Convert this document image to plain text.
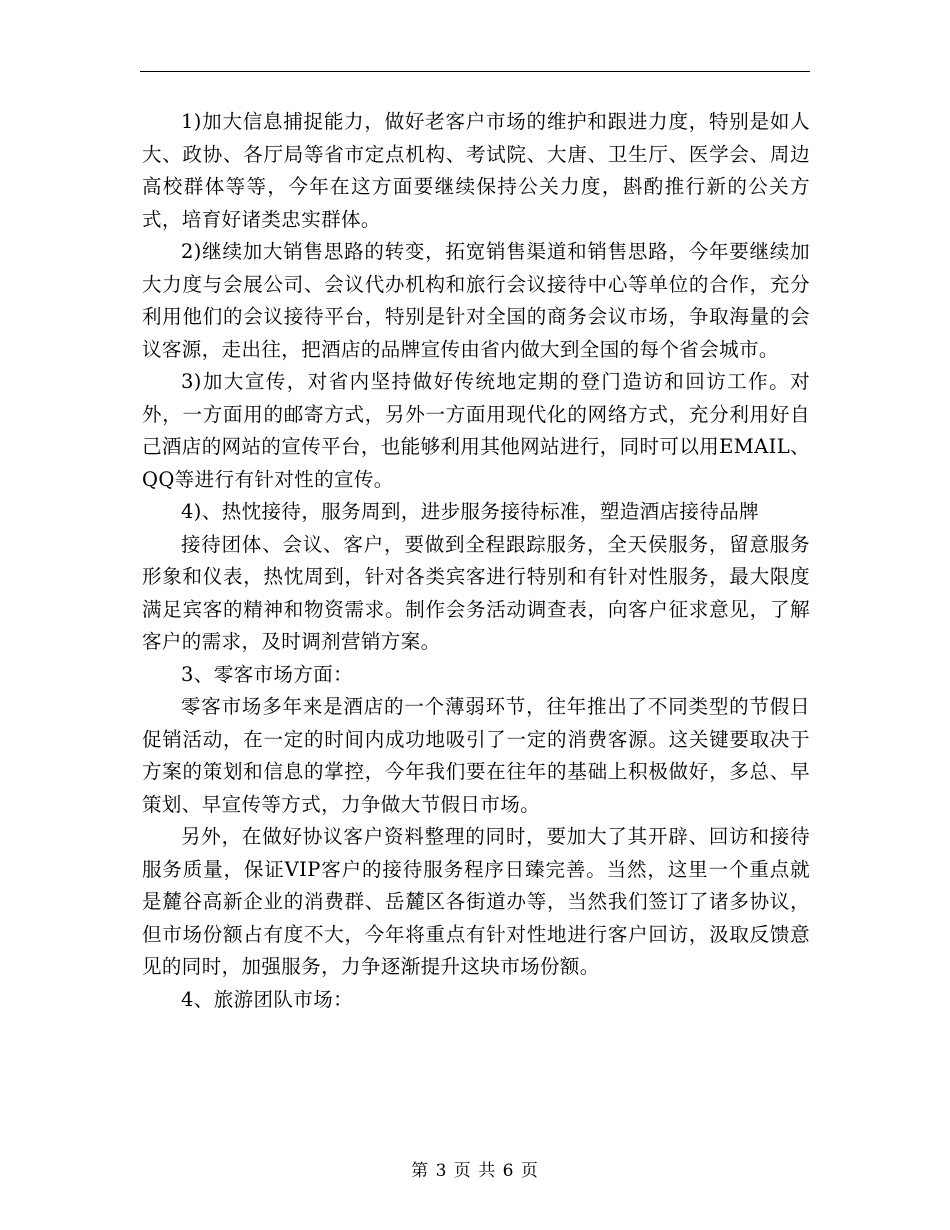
1)加大信息捕捉能力，做好老客户市场的维护和跟进力度，特别是如人大、政协、各厅局等省市定点机构、考试院、大唐、卫生厅、医学会、周边高校群体等等，今年在这方面要继续保持公关力度，斟酌推行新的公关方式，培育好诸类忠实群体。

2)继续加大销售思路的转变，拓宽销售渠道和销售思路，今年要继续加大力度与会展公司、会议代办机构和旅行会议接待中心等单位的合作，充分利用他们的会议接待平台，特别是针对全国的商务会议市场，争取海量的会议客源，走出往，把酒店的品牌宣传由省内做大到全国的每个省会城市。

3)加大宣传，对省内坚持做好传统地定期的登门造访和回访工作。对外，一方面用的邮寄方式，另外一方面用现代化的网络方式，充分利用好自己酒店的网站的宣传平台，也能够利用其他网站进行，同时可以用EMAIL、QQ等进行有针对性的宣传。

4)、热忱接待，服务周到，进步服务接待标准，塑造酒店接待品牌

接待团体、会议、客户，要做到全程跟踪服务，全天侯服务，留意服务形象和仪表，热忱周到，针对各类宾客进行特别和有针对性服务，最大限度满足宾客的精神和物资需求。制作会务活动调查表，向客户征求意见，了解客户的需求，及时调剂营销方案。

3、零客市场方面：

零客市场多年来是酒店的一个薄弱环节，往年推出了不同类型的节假日促销活动，在一定的时间内成功地吸引了一定的消费客源。这关键要取决于方案的策划和信息的掌控，今年我们要在往年的基础上积极做好，多总、早策划、早宣传等方式，力争做大节假日市场。

另外，在做好协议客户资料整理的同时，要加大了其开辟、回访和接待服务质量，保证VIP客户的接待服务程序日臻完善。当然，这里一个重点就是麓谷高新企业的消费群、岳麓区各街道办等，当然我们签订了诸多协议，但市场份额占有度不大，今年将重点有针对性地进行客户回访，汲取反馈意见的同时，加强服务，力争逐渐提升这块市场份额。

4、旅游团队市场：

第 3 页 共 6 页
